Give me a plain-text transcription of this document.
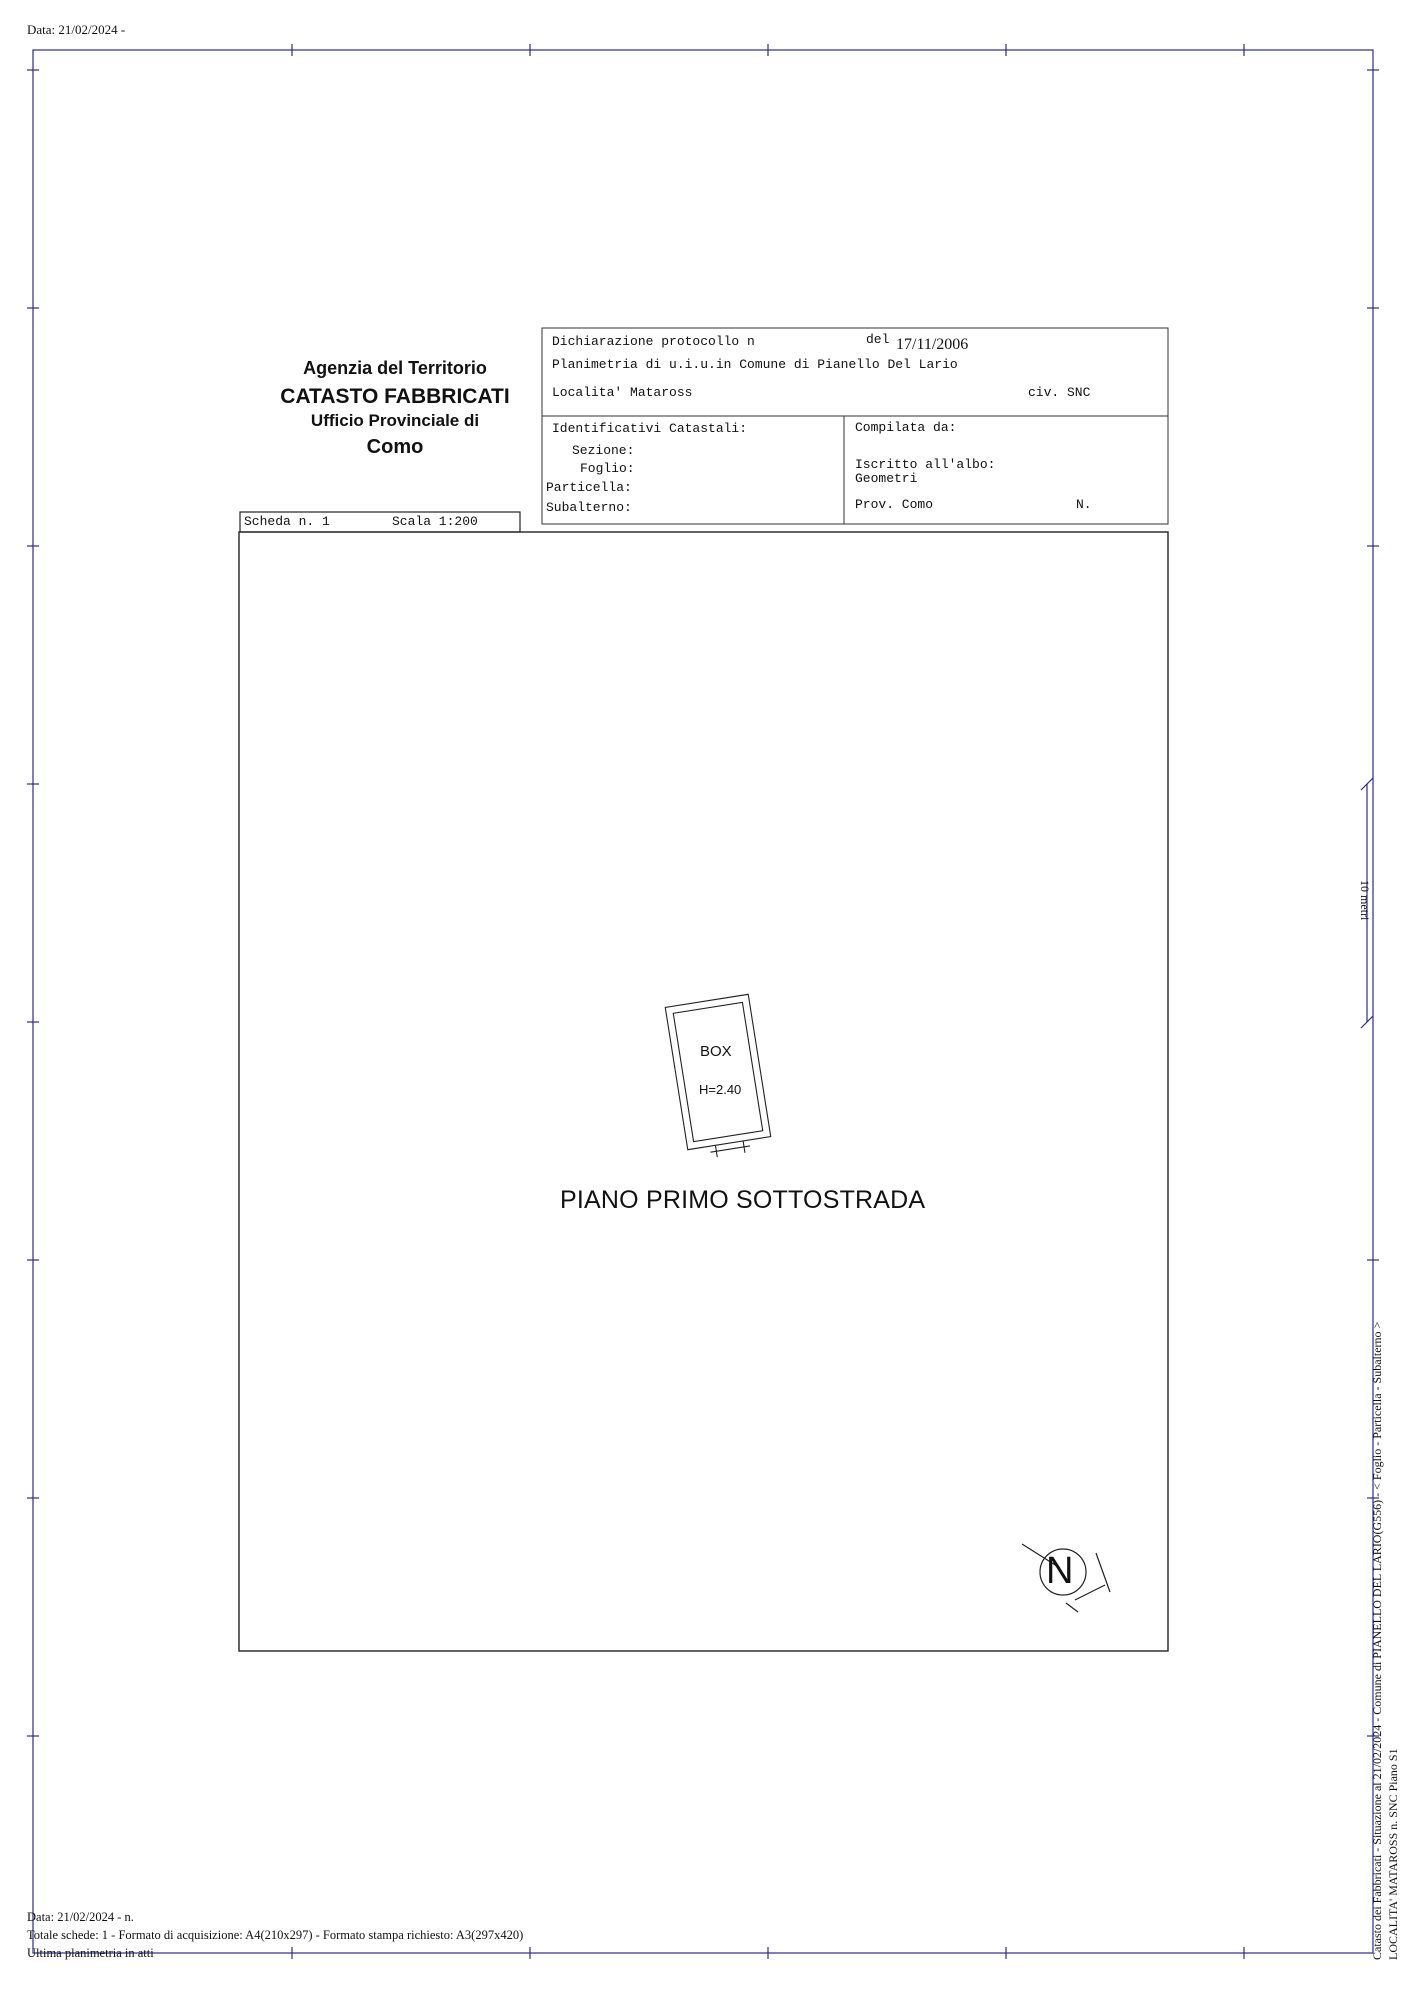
Data: 21/02/2024 -
Agenzia del Territorio
CATASTO FABBRICATI
Ufficio Provinciale di
Como
Dichiarazione protocollo n	del 17/11/2006
Planimetria di u.i.u.in Comune di Pianello Del Lario
Localita' Mataross	civ. SNC
Identificativi Catastali:
Sezione:
Foglio:
Particella:
Subalterno:
Compilata da:
Iscritto all'albo:
Geometri
Prov. Como	N.
Scheda n. 1	Scala 1:200
BOX
H=2.40
PIANO PRIMO SOTTOSTRADA
N
10 metri
Catasto dei Fabbricati - Situazione al 21/02/2024 - Comune di PIANELLO DEL LARIO(G556) - < Foglio - Particella - Subalterno > LOCALITA' MATAROSS n. SNC Piano S1
Data: 21/02/2024 - n.
Totale schede: 1 - Formato di acquisizione: A4(210x297) - Formato stampa richiesto: A3(297x420)
Ultima planimetria in atti
